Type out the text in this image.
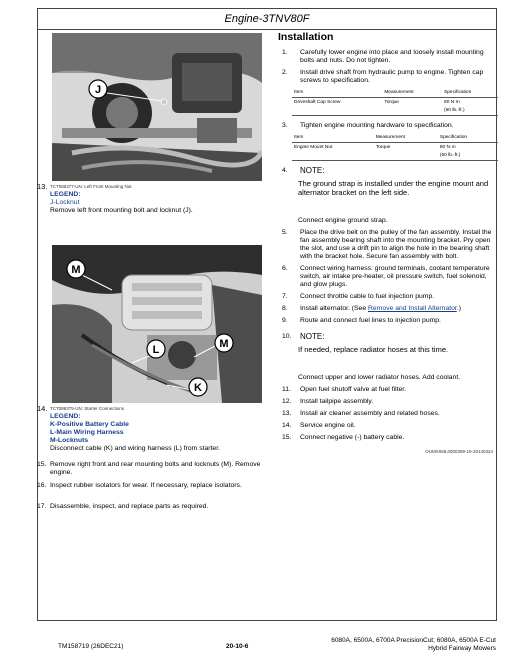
Engine-3TNV80F
J
13. TCT086377-UN: Left Front Mounting Nut
LEGEND:
J-Locknut
Remove left front mounting bolt and locknut (J).
M
L	M
K
14. TCT086375-UN: Starter Connections
LEGEND:
K-Positive Battery Cable
L-Main Wiring Harness
M-Locknuts
Disconnect cable (K) and wiring harness (L) from starter.
15. Remove right front and rear mounting bolts and locknuts (M). Remove engine.
16. Inspect rubber isolators for wear. If necessary, replace isolators.
17. Disassemble, inspect, and replace parts as required.
Installation
1. Carefully lower engine into place and loosely install mounting bolts and nuts. Do not tighten.
2. Install drive shaft from hydraulic pump to engine. Tighten cap screws to specification.
Item	Measurement	Specification
Driveshaft Cap Screw	Torque	80 N·m
(60 lb.-ft.)
3. Tighten engine mounting hardware to specification.
Item	Measurement	Specification
Engine Mount Nut	Torque	80 N·m
(60 lb.-ft.)
4. NOTE:
The ground strap is installed under the engine mount and alternator bracket on the left side.
Connect engine ground strap.
5. Place the drive belt on the pulley of the fan assembly. Install the fan assembly bearing shaft into the mounting bracket. Pry open the slot, and use a drift pin to align the hole in the bearing shaft with the bracket hole. Secure fan assembly with bolt.
6. Connect wiring harness: ground terminals, coolant temperature switch, air intake pre-heater, oil pressure switch, fuel solenoid, and glow plugs.
7. Connect throttle cable to fuel injection pump.
8. Install alternator. (See Remove and Install Alternator.)
9. Route and connect fuel lines to injection pump.
10. NOTE:
If needed, replace radiator hoses at this time.
Connect upper and lower radiator hoses. Add coolant.
11. Open fuel shutoff valve at fuel filter.
12. Install tailpipe assembly.
13. Install air cleaner assembly and related hoses.
14. Service engine oil.
15. Connect negative (-) battery cable.
OUMX065,0000359-19-20140324
TM158719 (26DEC21)	20-10-6
6080A, 6500A, 6700A PrecisionCut; 6080A, 6500A E-Cut
Hybrid Fairway Mowers
